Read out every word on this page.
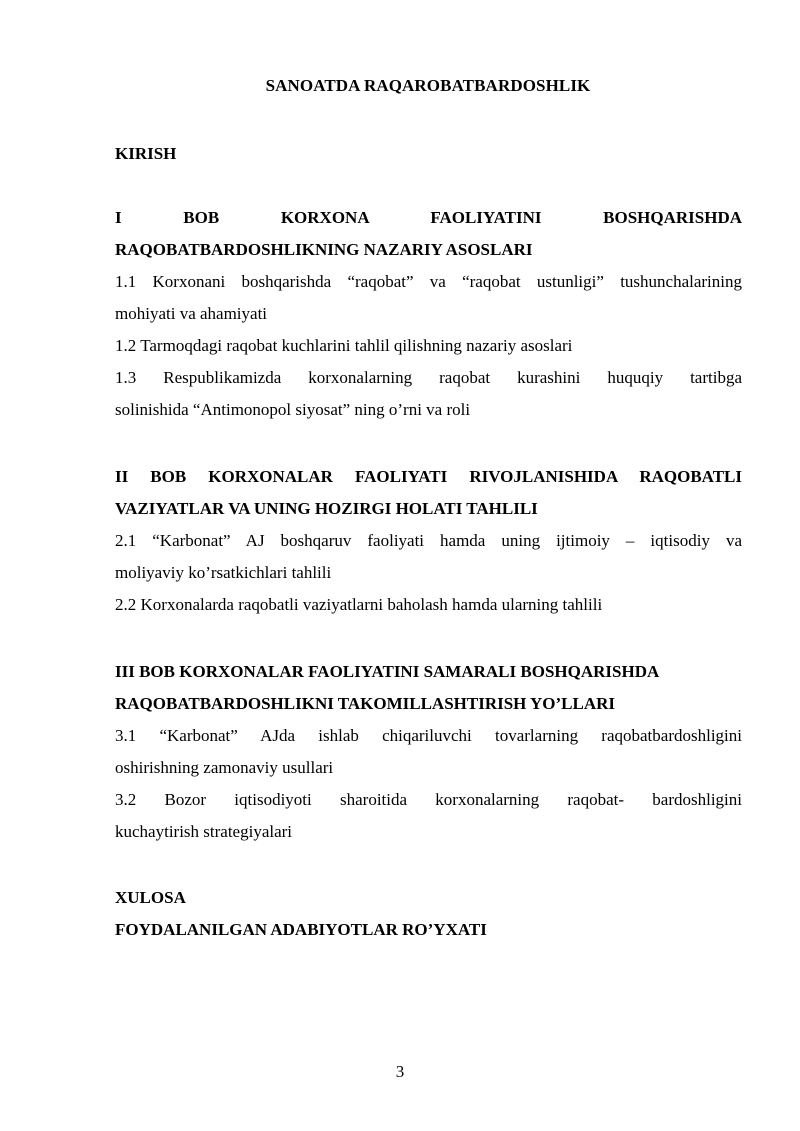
SANOATDA RAQAROBATBARDOSHLIK
KIRISH
I BOB KORXONA FAOLIYATINI BOSHQARISHDA
RAQOBATBARDOSHLIKNING NAZARIY ASOSLARI
1.1 Korxonani boshqarishda “raqobat” va “raqobat ustunligi” tushunchalarining
mohiyati va ahamiyati
1.2 Tarmoqdagi raqobat kuchlarini tahlil qilishning nazariy asoslari
1.3 Respublikamizda korxonalarning raqobat kurashini huquqiy tartibga
solinishida “Antimonopol siyosat” ning o’rni va roli
II BOB KORXONALAR FAOLIYATI RIVOJLANISHIDA RAQOBATLI
VAZIYATLAR VA UNING HOZIRGI HOLATI TAHLILI
2.1 “Karbonat” AJ boshqaruv faoliyati hamda uning ijtimoiy – iqtisodiy va
moliyaviy ko’rsatkichlari tahlili
2.2 Korxonalarda raqobatli vaziyatlarni baholash hamda ularning tahlili
III BOB KORXONALAR FAOLIYATINI SAMARALI BOSHQARISHDA
RAQOBATBARDOSHLIKNI TAKOMILLASHTIRISH YO’LLARI
3.1 “Karbonat” AJda ishlab chiqariluvchi tovarlarning raqobatbardoshligini
oshirishning zamonaviy usullari
3.2 Bozor iqtisodiyoti sharoitida korxonalarning raqobat- bardoshligini
kuchaytirish strategiyalari
XULOSA
FOYDALANILGAN ADABIYOTLAR RO’YXATI
3
